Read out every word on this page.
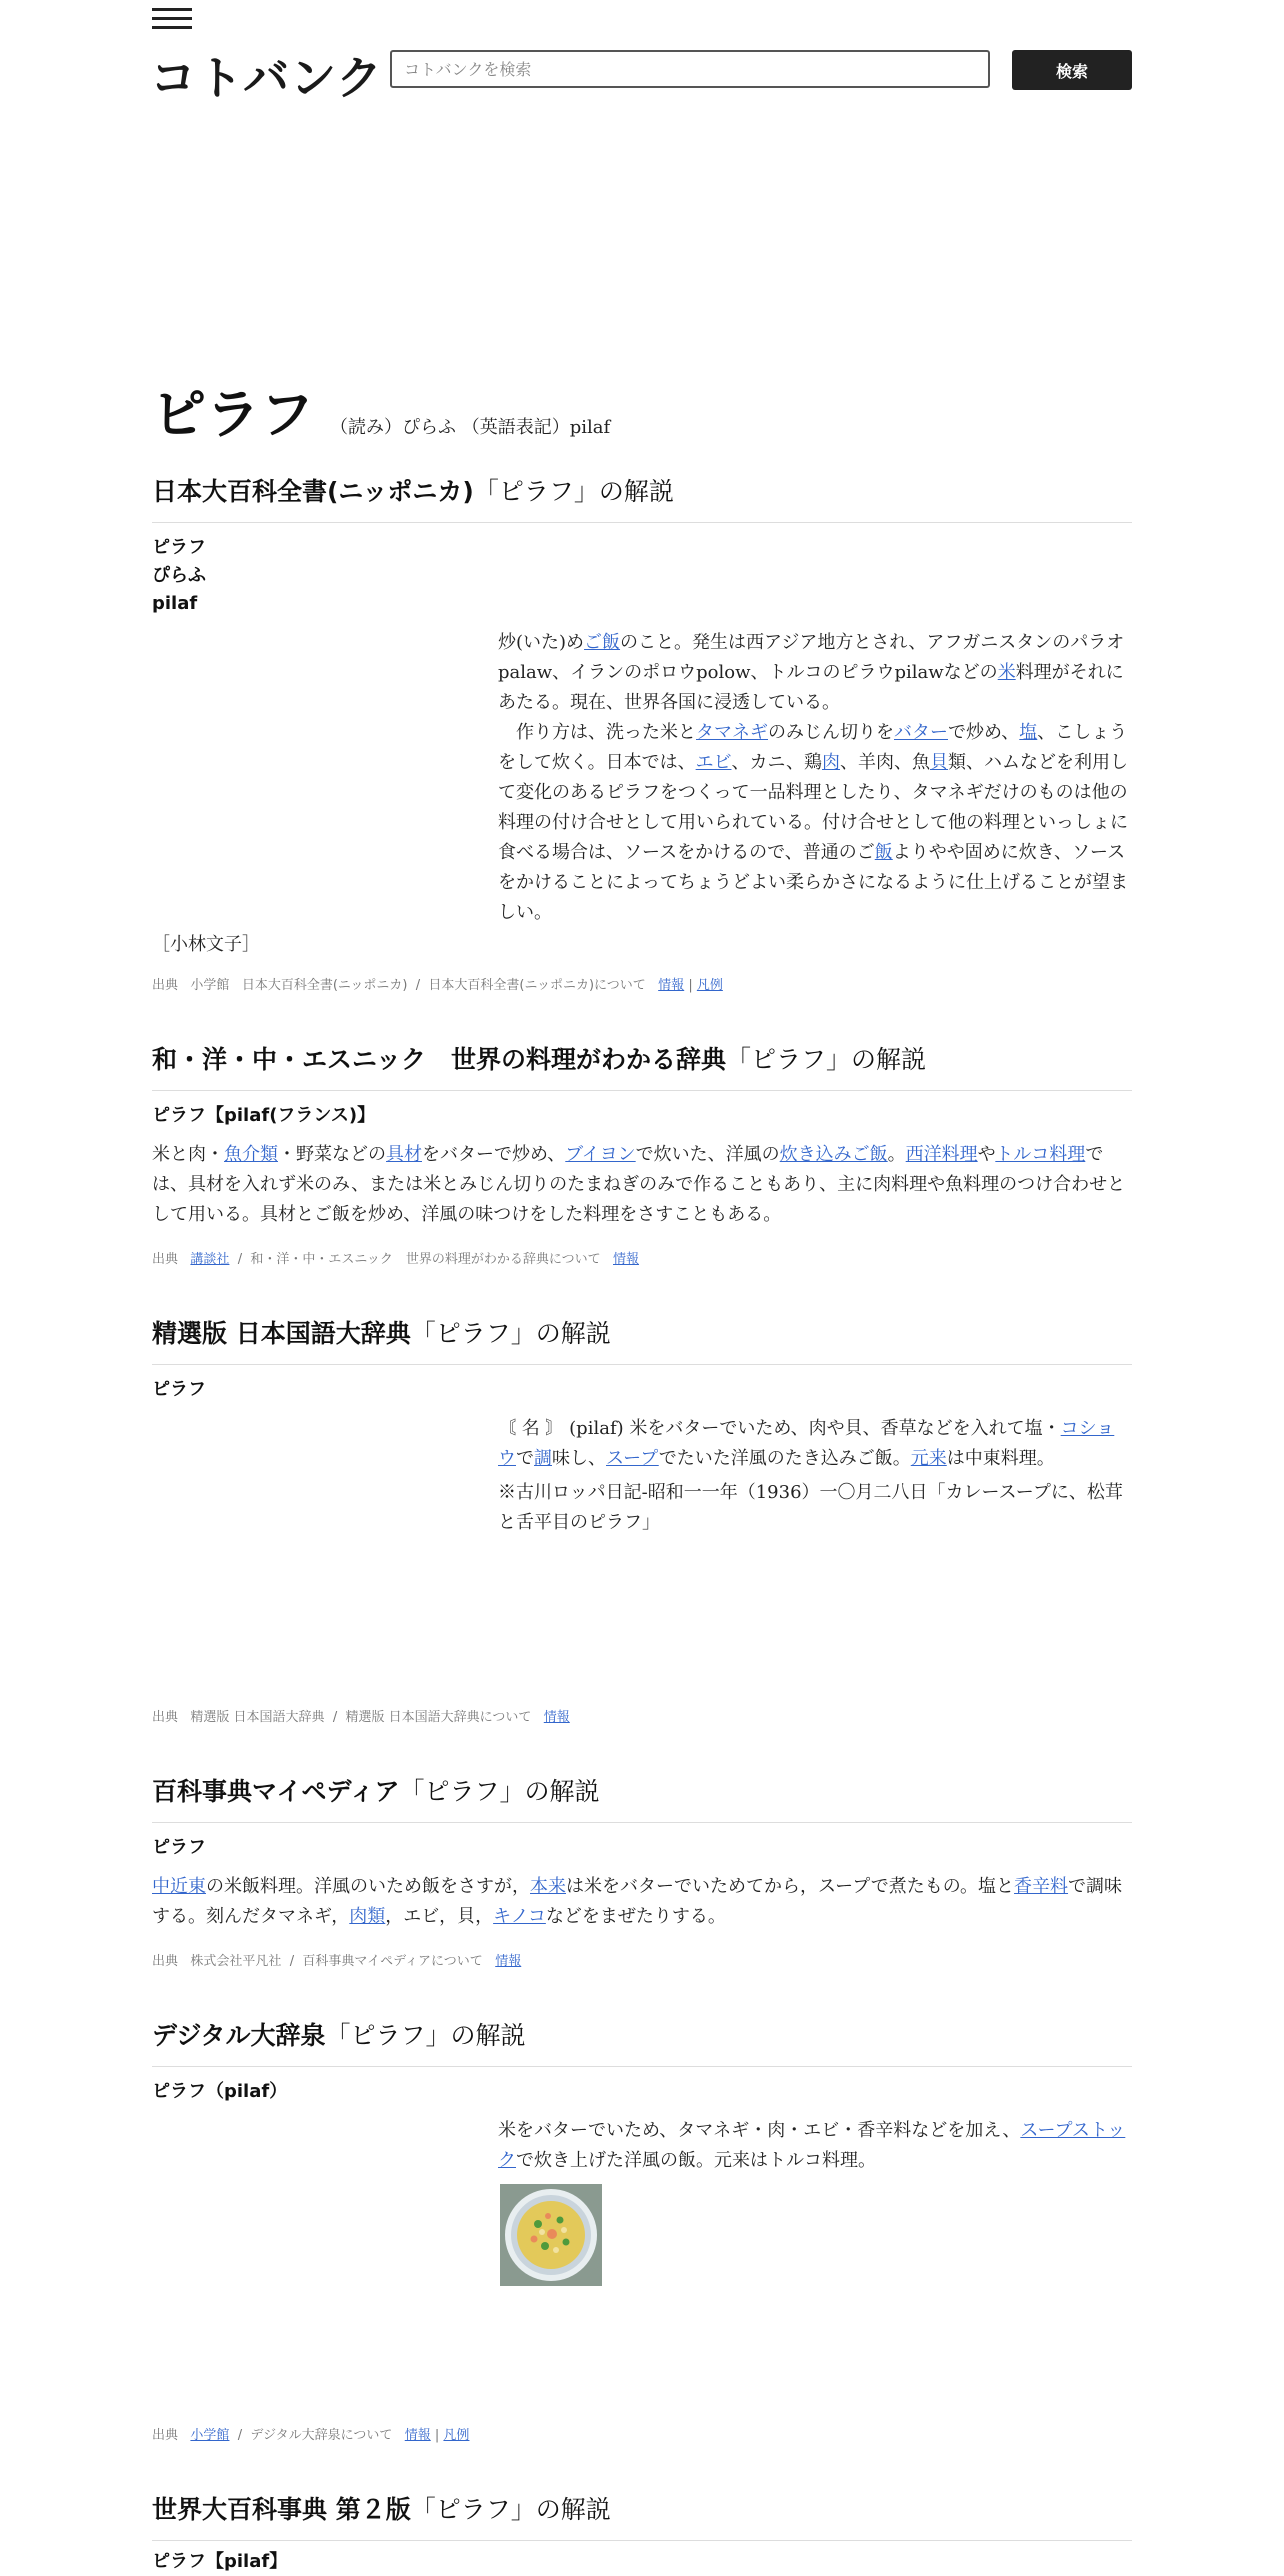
コトバンク
コトバンクを検索	検索
ピラフ （読み）ぴらふ （英語表記）pilaf
日本大百科全書(ニッポニカ)「ピラフ」の解説
ピラフ
ぴらふ
pilaf

炒(いた)めご飯のこと。発生は西アジア地方とされ、アフガニスタンのパラオpalaw、イランのポロウpolow、トルコのピラウpilawなどの米料理がそれにあたる。現在、世界各国に浸透している。

作り方は、洗った米とタマネギのみじん切りをバターで炒め、塩、こしょうをして炊く。日本では、エビ、カニ、鶏肉、羊肉、魚貝類、ハムなどを利用して変化のあるピラフをつくって一品料理としたり、タマネギだけのものは他の料理の付け合せとして用いられている。付け合せとして他の料理といっしょに食べる場合は、ソースをかけるので、普通のご飯よりやや固めに炊き、ソースをかけることによってちょうどよい柔らかさになるように仕上げることが望ましい。

［小林文子］
出典 小学館 日本大百科全書(ニッポニカ) / 日本大百科全書(ニッポニカ)について 情報 | 凡例
和・洋・中・エスニック　世界の料理がわかる辞典「ピラフ」の解説
ピラフ【pilaf(フランス)】
米と肉・魚介類・野菜などの具材をバターで炒め、ブイヨンで炊いた、洋風の炊き込みご飯。西洋料理やトルコ料理では、具材を入れず米のみ、または米とみじん切りのたまねぎのみで作ることもあり、主に肉料理や魚料理のつけ合わせとして用いる。具材とご飯を炒め、洋風の味つけをした料理をさすこともある。
出典 講談社 / 和・洋・中・エスニック　世界の料理がわかる辞典について 情報
精選版 日本国語大辞典「ピラフ」の解説
ピラフ

〘 名 〙 (pilaf) 米をバターでいため、肉や貝、香草などを入れて塩・コショウで調味し、スープでたいた洋風のたき込みご飯。元来は中東料理。

※古川ロッパ日記-昭和一一年（1936）一〇月二八日「カレースープに、松茸と舌平目のピラフ」

出典 精選版 日本国語大辞典 / 精選版 日本国語大辞典について 情報
百科事典マイペディア「ピラフ」の解説
ピラフ
中近東の米飯料理。洋風のいため飯をさすが，本来は米をバターでいためてから，スープで煮たもの。塩と香辛料で調味する。刻んだタマネギ，肉類，エビ，貝，キノコなどをまぜたりする。
出典 株式会社平凡社 / 百科事典マイペディアについて 情報
デジタル大辞泉「ピラフ」の解説
ピラフ（pilaf）
米をバターでいため、タマネギ・肉・エビ・香辛料などを加え、スープストックで炊き上げた洋風の飯。元来はトルコ料理。
出典 小学館 / デジタル大辞泉について 情報 | 凡例
世界大百科事典 第２版「ピラフ」の解説
ピラフ【pilaf】
